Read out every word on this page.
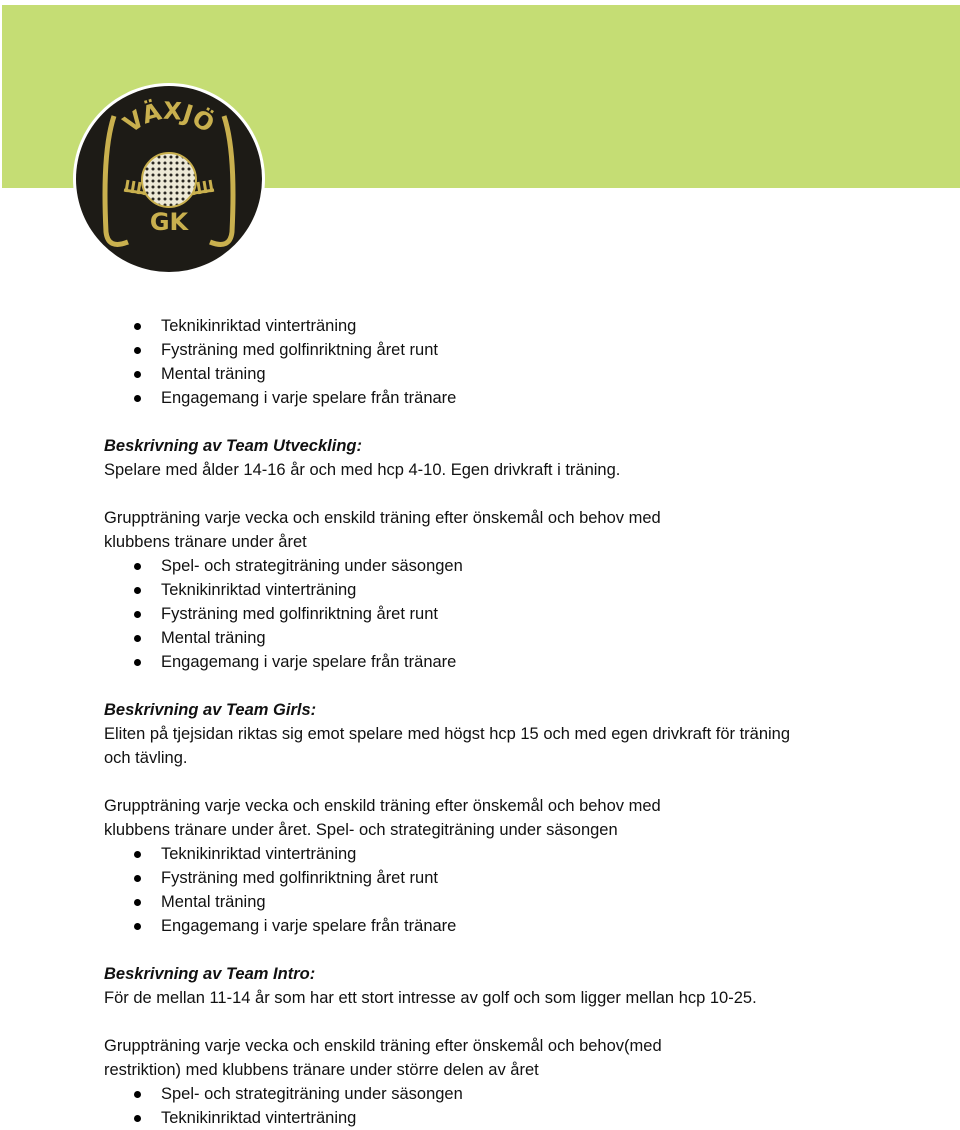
VÄXJÖ
GK
Teknikinriktad vinterträning
Fysträning med golfinriktning året runt
Mental träning
Engagemang i varje spelare från tränare
Beskrivning av Team Utveckling:
Spelare med ålder 14-16 år och med hcp 4-10. Egen drivkraft i träning.
Gruppträning varje vecka och enskild träning efter önskemål och behov med
klubbens tränare under året
Spel- och strategiträning under säsongen
Teknikinriktad vinterträning
Fysträning med golfinriktning året runt
Mental träning
Engagemang i varje spelare från tränare
Beskrivning av Team Girls:
Eliten på tjejsidan riktas sig emot spelare med högst hcp 15 och med egen drivkraft för träning
och tävling.
Gruppträning varje vecka och enskild träning efter önskemål och behov med
klubbens tränare under året. Spel- och strategiträning under säsongen
Teknikinriktad vinterträning
Fysträning med golfinriktning året runt
Mental träning
Engagemang i varje spelare från tränare
Beskrivning av Team Intro:
För de mellan 11-14 år som har ett stort intresse av golf och som ligger mellan hcp 10-25.
Gruppträning varje vecka och enskild träning efter önskemål och behov(med
restriktion) med klubbens tränare under större delen av året
Spel- och strategiträning under säsongen
Teknikinriktad vinterträning
